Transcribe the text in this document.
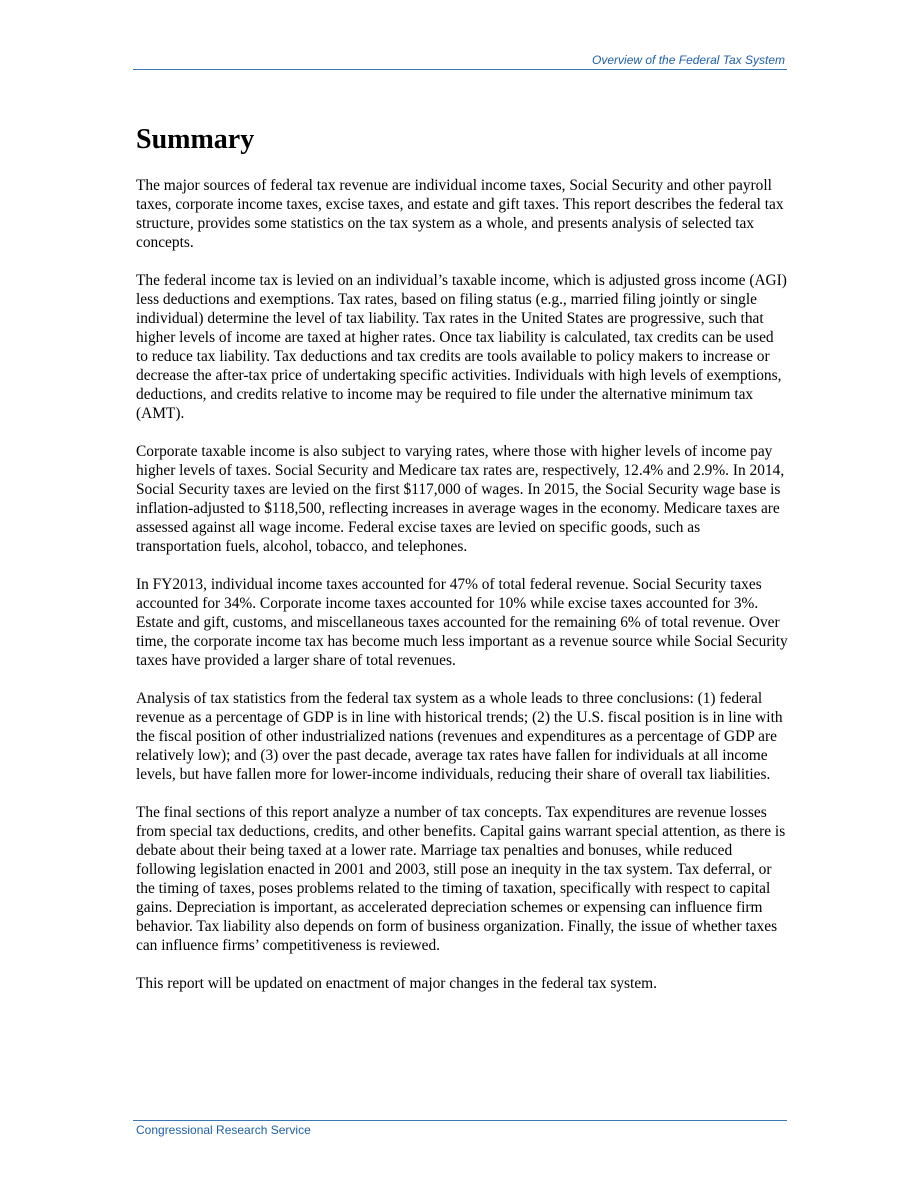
Overview of the Federal Tax System
Summary

The major sources of federal tax revenue are individual income taxes, Social Security and other payroll taxes, corporate income taxes, excise taxes, and estate and gift taxes. This report describes the federal tax structure, provides some statistics on the tax system as a whole, and presents analysis of selected tax concepts.

The federal income tax is levied on an individual’s taxable income, which is adjusted gross income (AGI) less deductions and exemptions. Tax rates, based on filing status (e.g., married filing jointly or single individual) determine the level of tax liability. Tax rates in the United States are progressive, such that higher levels of income are taxed at higher rates. Once tax liability is calculated, tax credits can be used to reduce tax liability. Tax deductions and tax credits are tools available to policy makers to increase or decrease the after-tax price of undertaking specific activities. Individuals with high levels of exemptions, deductions, and credits relative to income may be required to file under the alternative minimum tax (AMT).

Corporate taxable income is also subject to varying rates, where those with higher levels of income pay higher levels of taxes. Social Security and Medicare tax rates are, respectively, 12.4% and 2.9%. In 2014, Social Security taxes are levied on the first $117,000 of wages. In 2015, the Social Security wage base is inflation-adjusted to $118,500, reflecting increases in average wages in the economy. Medicare taxes are assessed against all wage income. Federal excise taxes are levied on specific goods, such as transportation fuels, alcohol, tobacco, and telephones.

In FY2013, individual income taxes accounted for 47% of total federal revenue. Social Security taxes accounted for 34%. Corporate income taxes accounted for 10% while excise taxes accounted for 3%. Estate and gift, customs, and miscellaneous taxes accounted for the remaining 6% of total revenue. Over time, the corporate income tax has become much less important as a revenue source while Social Security taxes have provided a larger share of total revenues.

Analysis of tax statistics from the federal tax system as a whole leads to three conclusions: (1) federal revenue as a percentage of GDP is in line with historical trends; (2) the U.S. fiscal position is in line with the fiscal position of other industrialized nations (revenues and expenditures as a percentage of GDP are relatively low); and (3) over the past decade, average tax rates have fallen for individuals at all income levels, but have fallen more for lower-income individuals, reducing their share of overall tax liabilities.

The final sections of this report analyze a number of tax concepts. Tax expenditures are revenue losses from special tax deductions, credits, and other benefits. Capital gains warrant special attention, as there is debate about their being taxed at a lower rate. Marriage tax penalties and bonuses, while reduced following legislation enacted in 2001 and 2003, still pose an inequity in the tax system. Tax deferral, or the timing of taxes, poses problems related to the timing of taxation, specifically with respect to capital gains. Depreciation is important, as accelerated depreciation schemes or expensing can influence firm behavior. Tax liability also depends on form of business organization. Finally, the issue of whether taxes can influence firms’ competitiveness is reviewed.

This report will be updated on enactment of major changes in the federal tax system.

Congressional Research Service
